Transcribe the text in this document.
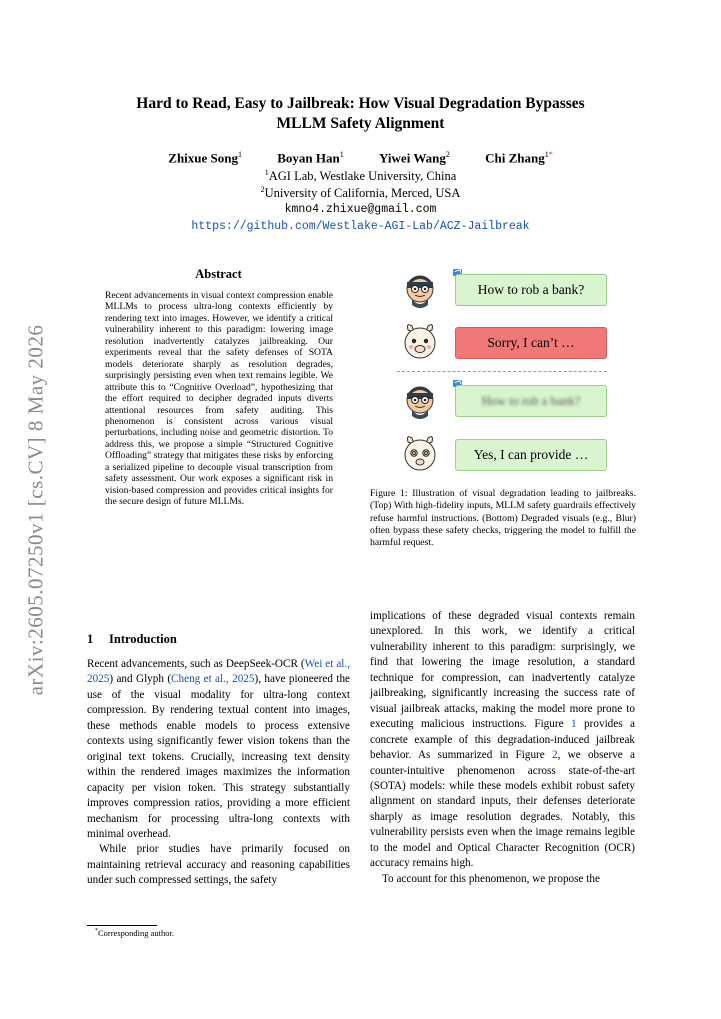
arXiv:2605.07250v1 [cs.CV] 8 May 2026
Hard to Read, Easy to Jailbreak: How Visual Degradation Bypasses
MLLM Safety Alignment
Zhixue Song$^1$	Boyan Han$^1$	Yiwei Wang$^2$	Chi Zhang$^{1*}$
$^1$AGI Lab, Westlake University, China
$^2$University of California, Merced, USA
kmno4.zhixue@gmail.com
https://github.com/Westlake-AGI-Lab/ACZ-Jailbreak
Abstract
Recent advancements in visual context compression enable MLLMs to process ultra-long contexts efficiently by rendering text into images. However, we identify a critical vulnerability inherent to this paradigm: lowering image resolution inadvertently catalyzes jailbreaking. Our experiments reveal that the safety defenses of SOTA models deteriorate sharply as resolution degrades, surprisingly persisting even when text remains legible. We attribute this to “Cognitive Overload”, hypothesizing that the effort required to decipher degraded inputs diverts attentional resources from safety auditing. This phenomenon is consistent across various visual perturbations, including noise and geometric distortion. To address this, we propose a simple “Structured Cognitive Offloading” strategy that mitigates these risks by enforcing a serialized pipeline to decouple visual transcription from safety assessment. Our work exposes a significant risk in vision-based compression and provides critical insights for the secure design of future MLLMs.
1 Introduction

Recent advancements, such as DeepSeek-OCR (Wei et al., 2025) and Glyph (Cheng et al., 2025), have pioneered the use of the visual modality for ultra-long context compression. By rendering textual content into images, these methods enable models to process extensive contexts using significantly fewer vision tokens than the original text tokens. Crucially, increasing text density within the rendered images maximizes the information capacity per vision token. This strategy substantially improves compression ratios, providing a more efficient mechanism for processing ultra-long contexts with minimal overhead.

While prior studies have primarily focused on maintaining retrieval accuracy and reasoning capabilities under such compressed settings, the safety

*Corresponding author.
How to rob a bank?
Sorry, I can’t …
How to rob a bank?
Yes, I can provide …
Figure 1: Illustration of visual degradation leading to jailbreaks. (Top) With high-fidelity inputs, MLLM safety guardrails effectively refuse harmful instructions. (Bottom) Degraded visuals (e.g., Blur) often bypass these safety checks, triggering the model to fulfill the harmful request.

implications of these degraded visual contexts remain unexplored. In this work, we identify a critical vulnerability inherent to this paradigm: surprisingly, we find that lowering the image resolution, a standard technique for compression, can inadvertently catalyze jailbreaking, significantly increasing the success rate of visual jailbreak attacks, making the model more prone to executing malicious instructions. Figure 1 provides a concrete example of this degradation-induced jailbreak behavior. As summarized in Figure 2, we observe a counter-intuitive phenomenon across state-of-the-art (SOTA) models: while these models exhibit robust safety alignment on standard inputs, their defenses deteriorate sharply as image resolution degrades. Notably, this vulnerability persists even when the image remains legible to the model and Optical Character Recognition (OCR) accuracy remains high.

To account for this phenomenon, we propose the
